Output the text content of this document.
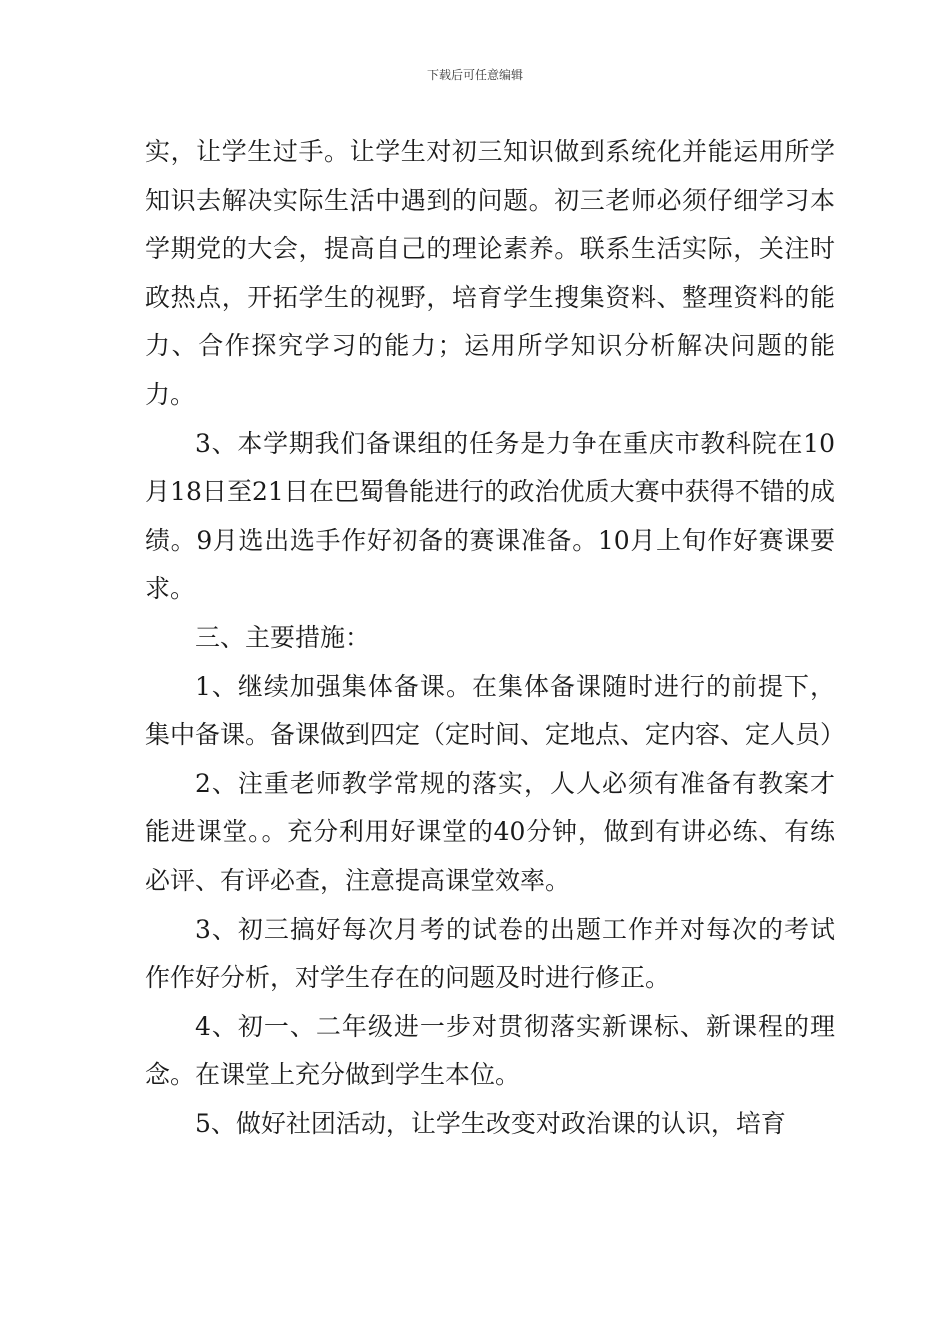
下载后可任意编辑

实，让学生过手。让学生对初三知识做到系统化并能运用所学知识去解决实际生活中遇到的问题。初三老师必须仔细学习本学期党的大会，提高自己的理论素养。联系生活实际，关注时政热点，开拓学生的视野，培育学生搜集资料、整理资料的能力、合作探究学习的能力；运用所学知识分析解决问题的能力。

3、本学期我们备课组的任务是力争在重庆市教科院在10月18日至21日在巴蜀鲁能进行的政治优质大赛中获得不错的成绩。9月选出选手作好初备的赛课准备。10月上旬作好赛课要求。

三、主要措施：

1、继续加强集体备课。在集体备课随时进行的前提下，集中备课。备课做到四定（定时间、定地点、定内容、定人员）

2、注重老师教学常规的落实，人人必须有准备有教案才能进课堂。。充分利用好课堂的40分钟，做到有讲必练、有练必评、有评必查，注意提高课堂效率。

3、初三搞好每次月考的试卷的出题工作并对每次的考试作作好分析，对学生存在的问题及时进行修正。

4、初一、二年级进一步对贯彻落实新课标、新课程的理念。在课堂上充分做到学生本位。

5、做好社团活动，让学生改变对政治课的认识，培育
